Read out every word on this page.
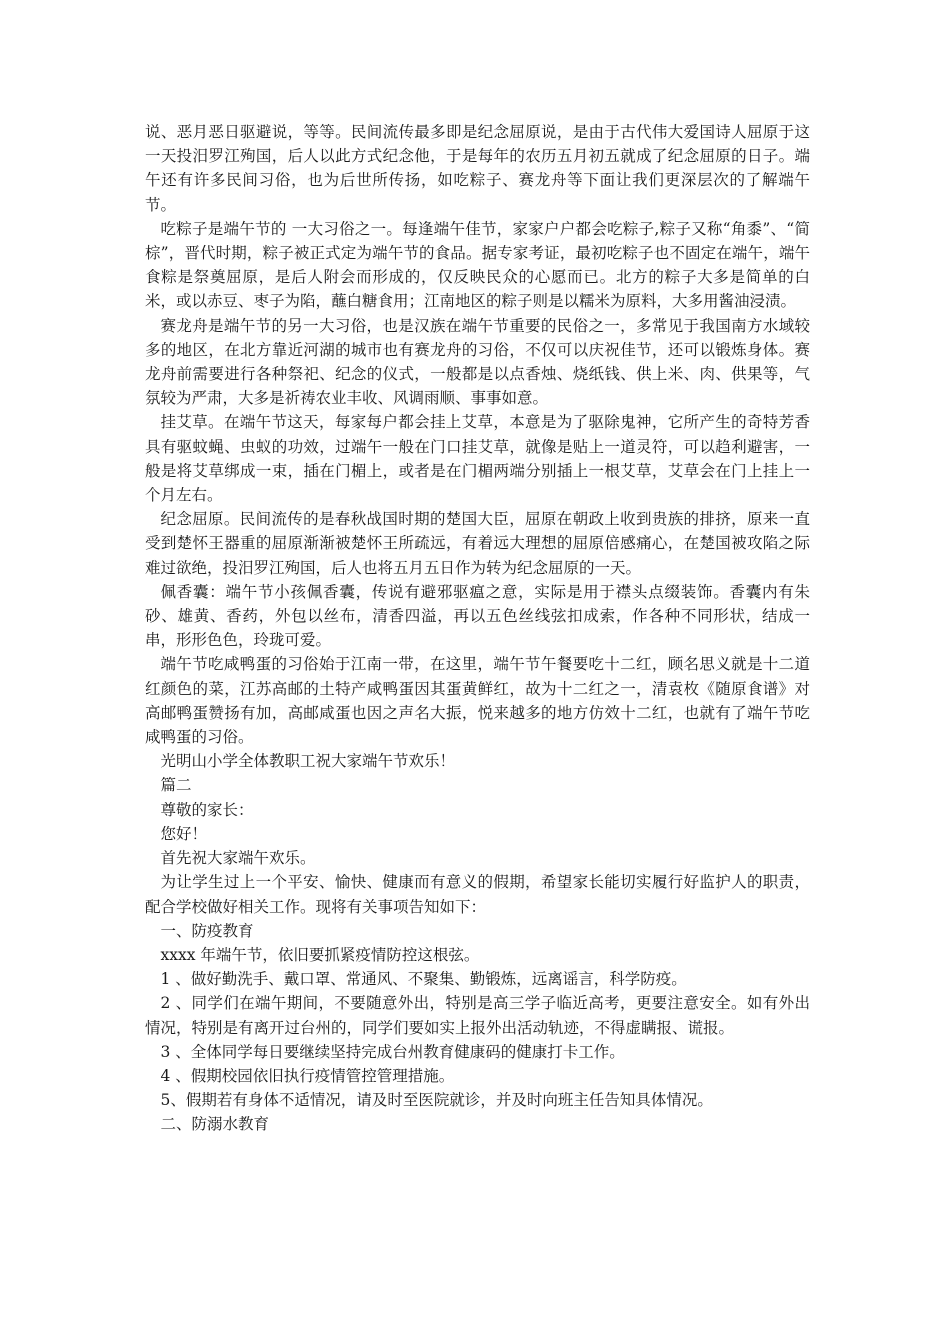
说、恶月恶日驱避说，等等。民间流传最多即是纪念屈原说，是由于古代伟大爱国诗人屈原于这一天投汨罗江殉国，后人以此方式纪念他，于是每年的农历五月初五就成了纪念屈原的日子。端午还有许多民间习俗，也为后世所传扬，如吃粽子、赛龙舟等下面让我们更深层次的了解端午节。

吃粽子是端午节的 一大习俗之一。每逢端午佳节，家家户户都会吃粽子,粽子又称“角黍”、“简棕”，晋代时期，粽子被正式定为端午节的食品。据专家考证，最初吃粽子也不固定在端午，端午食粽是祭奠屈原，是后人附会而形成的，仅反映民众的心愿而已。北方的粽子大多是简单的白米，或以赤豆、枣子为陷，蘸白糖食用；江南地区的粽子则是以糯米为原料，大多用酱油浸渍。

赛龙舟是端午节的另一大习俗，也是汉族在端午节重要的民俗之一，多常见于我国南方水域较多的地区，在北方靠近河湖的城市也有赛龙舟的习俗，不仅可以庆祝佳节，还可以锻炼身体。赛龙舟前需要进行各种祭祀、纪念的仪式，一般都是以点香烛、烧纸钱、供上米、肉、供果等，气氛较为严肃，大多是祈祷农业丰收、风调雨顺、事事如意。

挂艾草。在端午节这天，每家每户都会挂上艾草，本意是为了驱除鬼神，它所产生的奇特芳香具有驱蚊蝇、虫蚁的功效，过端午一般在门口挂艾草，就像是贴上一道灵符，可以趋利避害，一般是将艾草绑成一束，插在门楣上，或者是在门楣两端分别插上一根艾草，艾草会在门上挂上一个月左右。

纪念屈原。民间流传的是春秋战国时期的楚国大臣，屈原在朝政上收到贵族的排挤，原来一直受到楚怀王器重的屈原渐渐被楚怀王所疏远，有着远大理想的屈原倍感痛心，在楚国被攻陷之际难过欲绝，投汨罗江殉国，后人也将五月五日作为转为纪念屈原的一天。

佩香囊：端午节小孩佩香囊，传说有避邪驱瘟之意，实际是用于襟头点缀装饰。香囊内有朱砂、雄黄、香药，外包以丝布，清香四溢，再以五色丝线弦扣成索，作各种不同形状，结成一串，形形色色，玲珑可爱。

端午节吃咸鸭蛋的习俗始于江南一带，在这里，端午节午餐要吃十二红，顾名思义就是十二道红颜色的菜，江苏高邮的土特产咸鸭蛋因其蛋黄鲜红，故为十二红之一，清袁枚《随原食谱》对高邮鸭蛋赞扬有加，高邮咸蛋也因之声名大振，悦来越多的地方仿效十二红，也就有了端午节吃咸鸭蛋的习俗。

光明山小学全体教职工祝大家端午节欢乐！

篇二

尊敬的家长：

您好！

首先祝大家端午欢乐。

为让学生过上一个平安、愉快、健康而有意义的假期，希望家长能切实履行好监护人的职责，配合学校做好相关工作。现将有关事项告知如下：

一、防疫教育

xxxx 年端午节，依旧要抓紧疫情防控这根弦。

1 、做好勤洗手、戴口罩、常通风、不聚集、勤锻炼，远离谣言，科学防疫。

2 、同学们在端午期间，不要随意外出，特别是高三学子临近高考，更要注意安全。如有外出情况，特别是有离开过台州的，同学们要如实上报外出活动轨迹，不得虚瞒报、谎报。

3 、全体同学每日要继续坚持完成台州教育健康码的健康打卡工作。

4 、假期校园依旧执行疫情管控管理措施。

5、假期若有身体不适情况，请及时至医院就诊，并及时向班主任告知具体情况。

二、防溺水教育
